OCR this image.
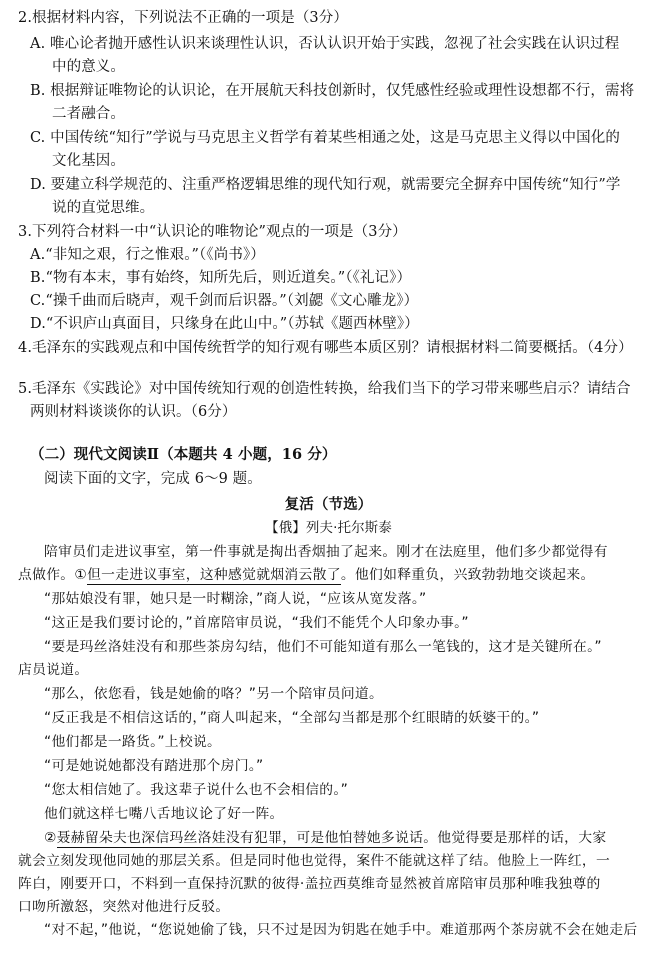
2.根据材料内容，下列说法不正确的一项是（3分）
A. 唯心论者抛开感性认识来谈理性认识，否认认识开始于实践，忽视了社会实践在认识过程
中的意义。
B. 根据辩证唯物论的认识论，在开展航天科技创新时，仅凭感性经验或理性设想都不行，需将
二者融合。
C. 中国传统“知行”学说与马克思主义哲学有着某些相通之处，这是马克思主义得以中国化的
文化基因。
D. 要建立科学规范的、注重严格逻辑思维的现代知行观，就需要完全摒弃中国传统“知行”学
说的直觉思维。
3.下列符合材料一中“认识论的唯物论”观点的一项是（3分）
A.“非知之艰，行之惟艰。”（《尚书》）
B.“物有本末，事有始终，知所先后，则近道矣。”（《礼记》）
C.“操千曲而后晓声，观千剑而后识器。”（刘勰《文心雕龙》）
D.“不识庐山真面目，只缘身在此山中。”（苏轼《题西林壁》）
4.毛泽东的实践观点和中国传统哲学的知行观有哪些本质区别？请根据材料二简要概括。（4分）
5.毛泽东《实践论》对中国传统知行观的创造性转换，给我们当下的学习带来哪些启示？请结合
两则材料谈谈你的认识。（6分）
（二）现代文阅读Ⅱ（本题共 4 小题，16 分）
阅读下面的文字，完成 6～9 题。
复活（节选）
【俄】列夫·托尔斯泰
陪审员们走进议事室，第一件事就是掏出香烟抽了起来。刚才在法庭里，他们多少都觉得有
点做作。①但一走进议事室，这种感觉就烟消云散了。他们如释重负，兴致勃勃地交谈起来。
“那姑娘没有罪，她只是一时糊涂，”商人说，“应该从宽发落。”
“这正是我们要讨论的，”首席陪审员说，“我们不能凭个人印象办事。”
“要是玛丝洛娃没有和那些茶房勾结，他们不可能知道有那么一笔钱的，这才是关键所在。”
店员说道。
“那么，依您看，钱是她偷的咯？”另一个陪审员问道。
“反正我是不相信这话的，”商人叫起来，“全部勾当都是那个红眼睛的妖婆干的。”
“他们都是一路货。”上校说。
“可是她说她都没有踏进那个房门。”
“您太相信她了。我这辈子说什么也不会相信的。”
他们就这样七嘴八舌地议论了好一阵。
②聂赫留朵夫也深信玛丝洛娃没有犯罪，可是他怕替她多说话。他觉得要是那样的话，大家
就会立刻发现他同她的那层关系。但是同时他也觉得，案件不能就这样了结。他脸上一阵红，一
阵白，刚要开口，不料到一直保持沉默的彼得·盖拉西莫维奇显然被首席陪审员那种唯我独尊的
口吻所激怒，突然对他进行反驳。
“对不起，”他说，“您说她偷了钱，只不过是因为钥匙在她手中。难道那两个茶房就不会在她走后
